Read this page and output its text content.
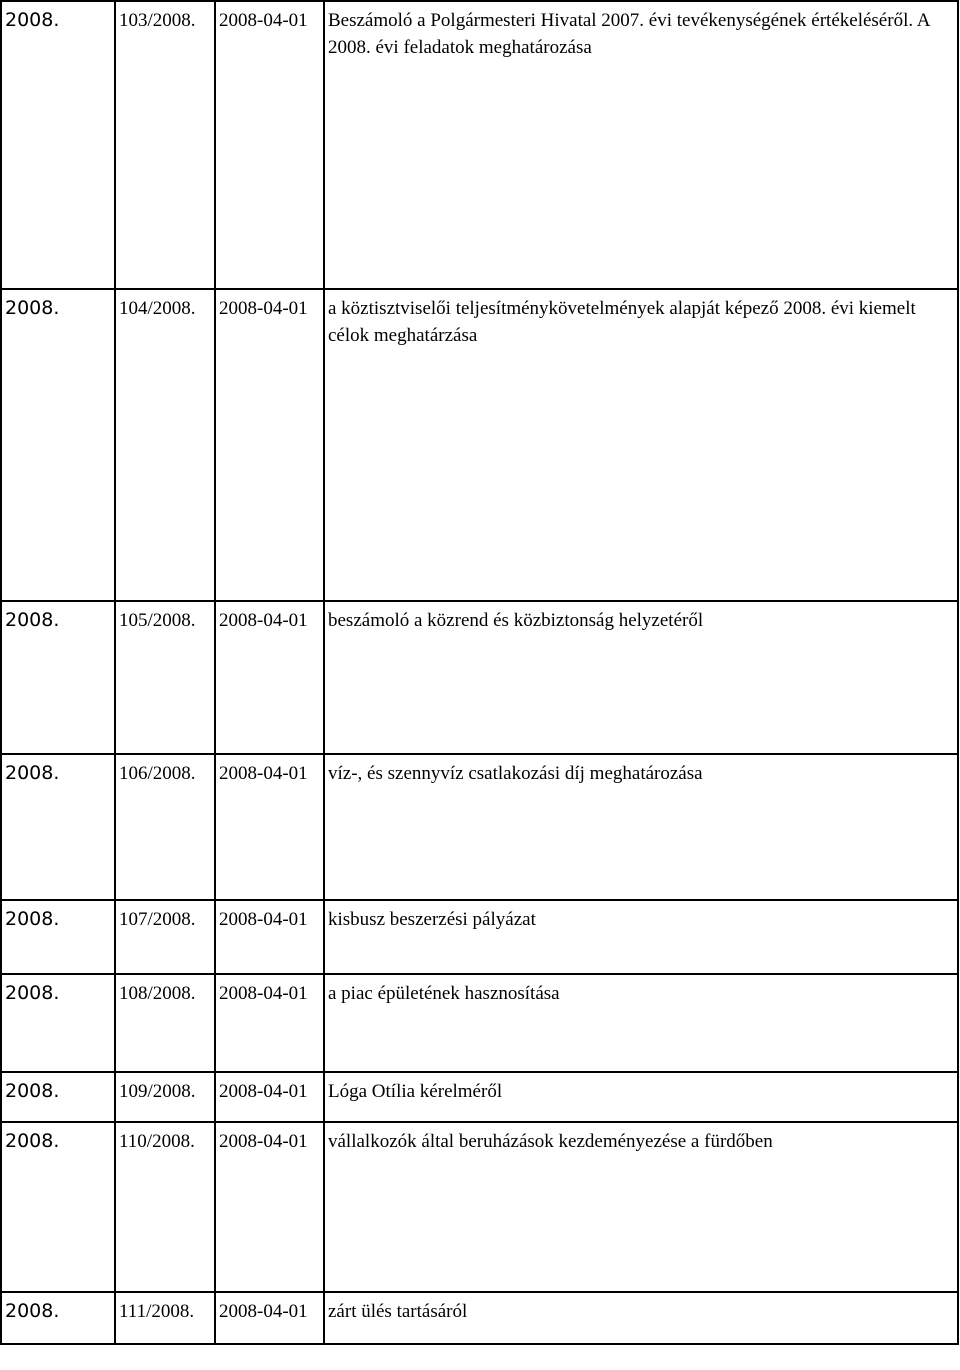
2008.	103/2008.	2008-04-01	Beszámoló a Polgármesteri Hivatal 2007. évi tevékenységének értékeléséről. A 2008. évi feladatok meghatározása
2008.	104/2008.	2008-04-01	a köztisztviselői teljesítménykövetelmények alapját képező 2008. évi kiemelt célok meghatárzása
2008.	105/2008.	2008-04-01	beszámoló a közrend és közbiztonság helyzetéről
2008.	106/2008.	2008-04-01	víz-, és szennyvíz csatlakozási díj meghatározása
2008.	107/2008.	2008-04-01	kisbusz beszerzési pályázat
2008.	108/2008.	2008-04-01	a piac épületének hasznosítása
2008.	109/2008.	2008-04-01	Lóga Otília kérelméről
2008.	110/2008.	2008-04-01	vállalkozók által beruházások kezdeményezése a fürdőben
2008.	111/2008.	2008-04-01	zárt ülés tartásáról
